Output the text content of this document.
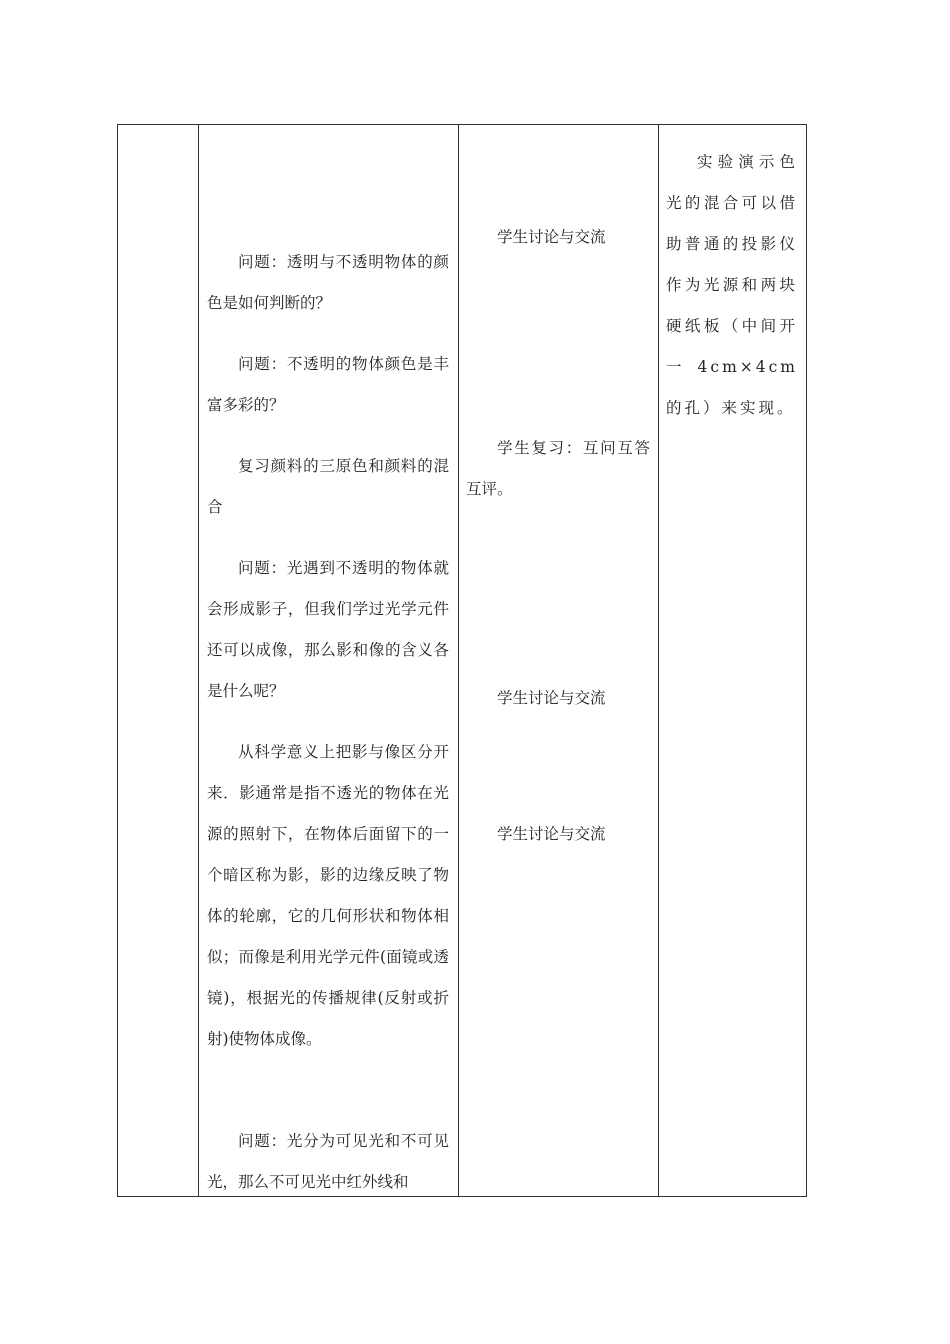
问题：透明与不透明物体的颜色是如何判断的？
问题：不透明的物体颜色是丰富多彩的？
复习颜料的三原色和颜料的混合
问题：光遇到不透明的物体就会形成影子，但我们学过光学元件还可以成像，那么影和像的含义各是什么呢？
从科学意义上把影与像区分开来．影通常是指不透光的物体在光源的照射下，在物体后面留下的一个暗区称为影，影的边缘反映了物体的轮廓，它的几何形状和物体相似；而像是利用光学元件(面镜或透镜)，根据光的传播规律(反射或折射)使物体成像。
问题：光分为可见光和不可见光，那么不可见光中红外线和
学生讨论与交流
学生复习：互问互答互评。
学生讨论与交流
学生讨论与交流
实验演示色光的混合可以借助普通的投影仪作为光源和两块硬纸板（中间开一 4cm×4cm 的孔）来实现。
